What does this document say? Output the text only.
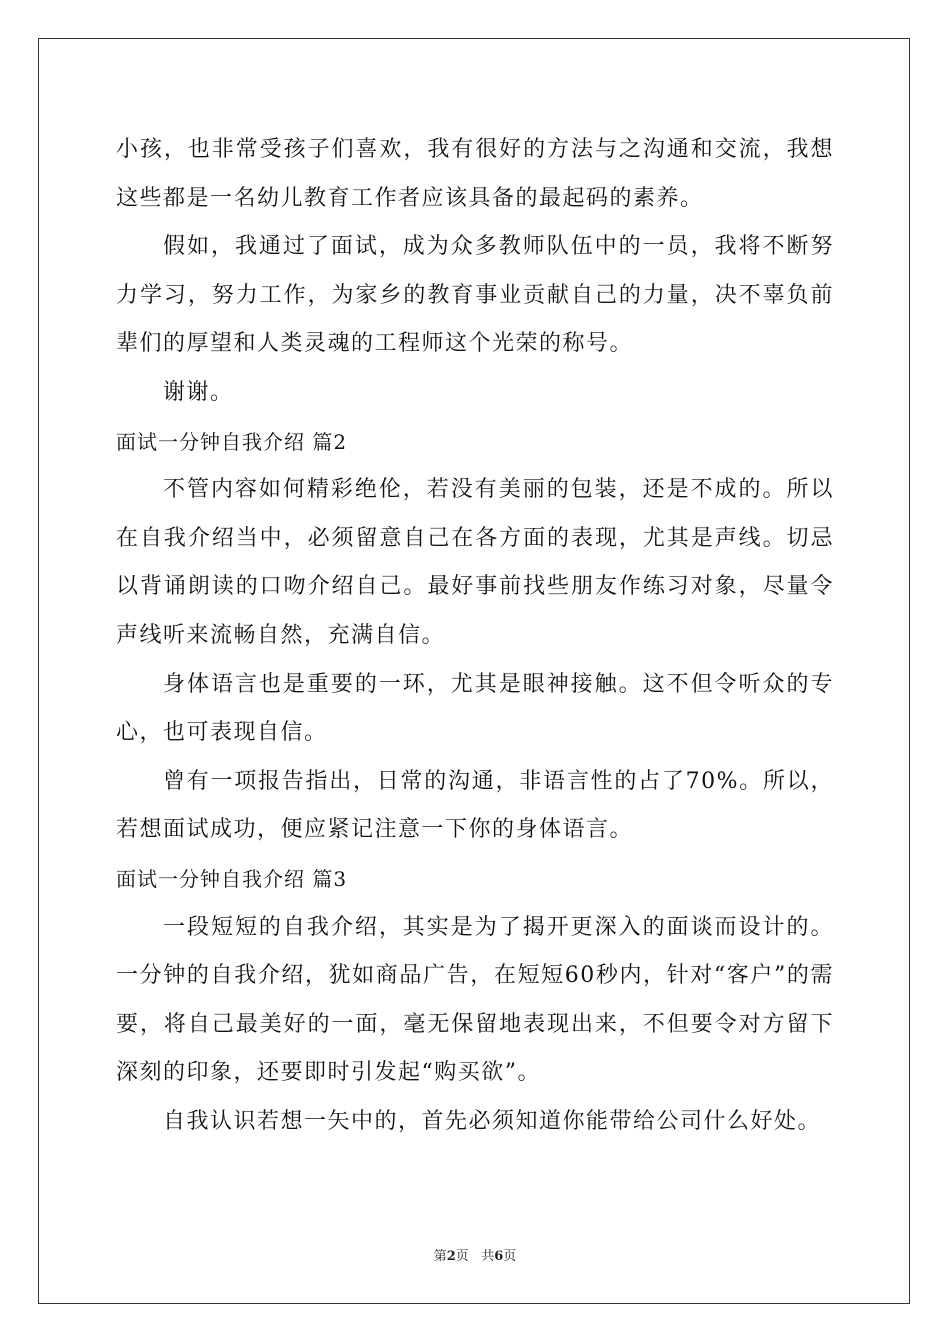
小孩，也非常受孩子们喜欢，我有很好的方法与之沟通和交流，我想这些都是一名幼儿教育工作者应该具备的最起码的素养。

假如，我通过了面试，成为众多教师队伍中的一员，我将不断努力学习，努力工作，为家乡的教育事业贡献自己的力量，决不辜负前辈们的厚望和人类灵魂的工程师这个光荣的称号。

谢谢。

面试一分钟自我介绍 篇2

不管内容如何精彩绝伦，若没有美丽的包装，还是不成的。所以在自我介绍当中，必须留意自己在各方面的表现，尤其是声线。切忌以背诵朗读的口吻介绍自己。最好事前找些朋友作练习对象，尽量令声线听来流畅自然，充满自信。

身体语言也是重要的一环，尤其是眼神接触。这不但令听众的专心，也可表现自信。

曾有一项报告指出，日常的沟通，非语言性的占了70%。所以，若想面试成功，便应紧记注意一下你的身体语言。

面试一分钟自我介绍 篇3

一段短短的自我介绍，其实是为了揭开更深入的面谈而设计的。一分钟的自我介绍，犹如商品广告，在短短60秒内，针对“客户”的需要，将自己最美好的一面，毫无保留地表现出来，不但要令对方留下深刻的印象，还要即时引发起“购买欲”。

自我认识若想一矢中的，首先必须知道你能带给公司什么好处。

第2页 共6页
